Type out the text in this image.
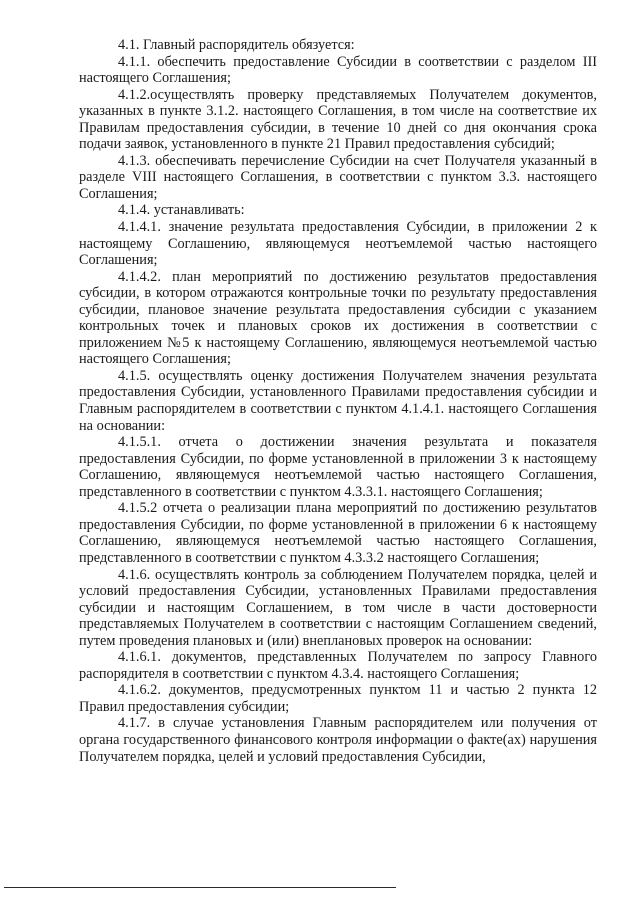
4.1. Главный распорядитель обязуется:

4.1.1. обеспечить предоставление Субсидии в соответствии с разделом III настоящего Соглашения;

4.1.2.осуществлять проверку представляемых Получателем документов, указанных в пункте 3.1.2. настоящего Соглашения, в том числе на соответствие их Правилам предоставления субсидии, в течение 10 дней со дня окончания срока подачи заявок, установленного в пункте 21 Правил предоставления субсидий;

4.1.3. обеспечивать перечисление Субсидии на счет Получателя указанный в разделе VIII настоящего Соглашения, в соответствии с пунктом 3.3. настоящего Соглашения;

4.1.4. устанавливать:

4.1.4.1. значение результата предоставления Субсидии, в приложении 2 к настоящему Соглашению, являющемуся неотъемлемой частью настоящего Соглашения;

4.1.4.2. план мероприятий по достижению результатов предоставления субсидии, в котором отражаются контрольные точки по результату предоставления субсидии, плановое значение результата предоставления субсидии с указанием контрольных точек и плановых сроков их достижения в соответствии с приложением №5 к настоящему Соглашению, являющемуся неотъемлемой частью настоящего Соглашения;

4.1.5. осуществлять оценку достижения Получателем значения результата предоставления Субсидии, установленного Правилами предоставления субсидии и Главным распорядителем в соответствии с пунктом 4.1.4.1. настоящего Соглашения на основании:

4.1.5.1. отчета о достижении значения результата и показателя предоставления Субсидии, по форме установленной в приложении 3 к настоящему Соглашению, являющемуся неотъемлемой частью настоящего Соглашения, представленного в соответствии с пунктом 4.3.3.1. настоящего Соглашения;

4.1.5.2 отчета о реализации плана мероприятий по достижению результатов предоставления Субсидии, по форме установленной в приложении 6 к настоящему Соглашению, являющемуся неотъемлемой частью настоящего Соглашения, представленного в соответствии с пунктом 4.3.3.2 настоящего Соглашения;

4.1.6. осуществлять контроль за соблюдением Получателем порядка, целей и условий предоставления Субсидии, установленных Правилами предоставления субсидии и настоящим Соглашением, в том числе в части достоверности представляемых Получателем в соответствии с настоящим Соглашением сведений, путем проведения плановых и (или) внеплановых проверок на основании:

4.1.6.1. документов, представленных Получателем по запросу Главного распорядителя в соответствии с пунктом 4.3.4. настоящего Соглашения;

4.1.6.2. документов, предусмотренных пунктом 11 и частью 2 пункта 12 Правил предоставления субсидии;

4.1.7. в случае установления Главным распорядителем или получения от органа государственного финансового контроля информации о факте(ах) нарушения Получателем порядка, целей и условий предоставления Субсидии,
